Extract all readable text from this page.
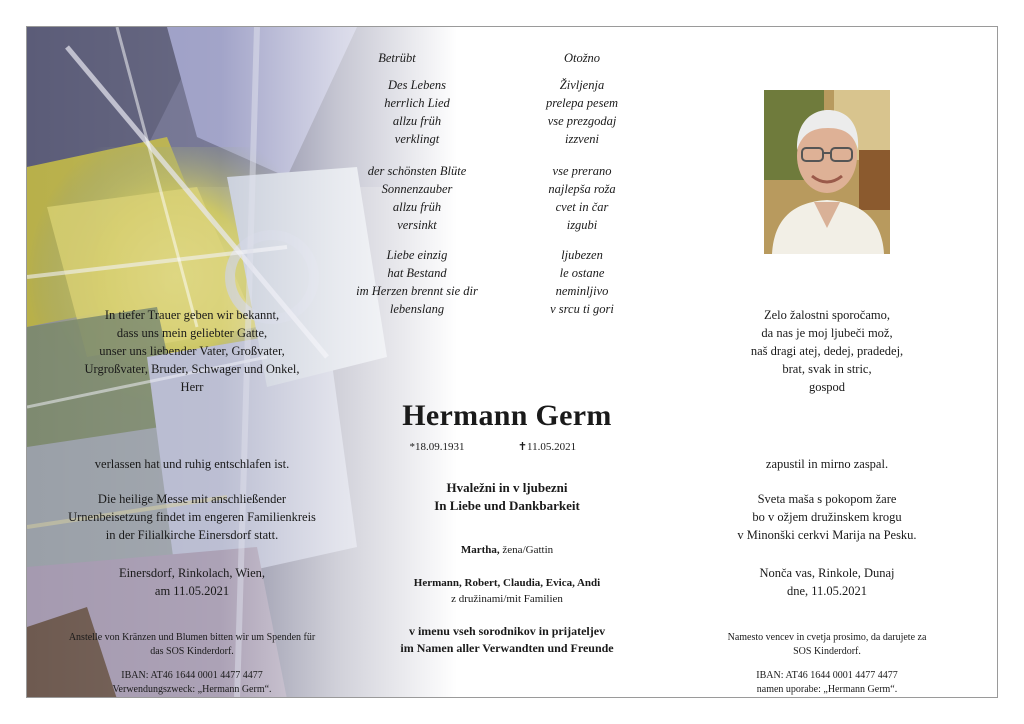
Betrübt

Des Lebens
herrlich Lied
allzu früh
verklingt

der schönsten Blüte
Sonnenzauber
allzu früh
versinkt

Liebe einzig
hat Bestand
im Herzen brennt sie dir
lebenslang

Otožno

Življenja
prelepa pesem
vse prezgodaj
izzveni

vse prerano
najlepša roža
cvet in čar
izgubi

ljubezen
le ostane
neminljivo
v srcu ti gori

In tiefer Trauer geben wir bekannt,
dass uns mein geliebter Gatte,
unser uns liebender Vater, Großvater,
Urgroßvater, Bruder, Schwager und Onkel,
Herr
verlassen hat und ruhig entschlafen ist.
Die heilige Messe mit anschließender
Urnenbeisetzung findet im engeren Familienkreis
in der Filialkirche Einersdorf statt.
Einersdorf, Rinkolach, Wien,
am 11.05.2021
Anstelle von Kränzen und Blumen bitten wir um Spenden für
das SOS Kinderdorf.
IBAN: AT46 1644 0001 4477 4477
Verwendungszweck: „Hermann Germ“.
Hermann Germ
*18.09.1931	✝11.05.2021
Hvaležni in v ljubezni
In Liebe und Dankbarkeit
Martha, žena/Gattin
Hermann, Robert, Claudia, Evica, Andi
z družinami/mit Familien
v imenu vseh sorodnikov in prijateljev
im Namen aller Verwandten und Freunde
Zelo žalostni sporočamo,
da nas je moj ljubeči mož,
naš dragi atej, dedej, pradedej,
brat, svak in stric,
gospod
zapustil in mirno zaspal.
Sveta maša s pokopom žare
bo v ožjem družinskem krogu
v Minonški cerkvi Marija na Pesku.
Nonča vas, Rinkole, Dunaj
dne, 11.05.2021
Namesto vencev in cvetja prosimo, da darujete za
SOS Kinderdorf.
IBAN: AT46 1644 0001 4477 4477
namen uporabe: „Hermann Germ“.
